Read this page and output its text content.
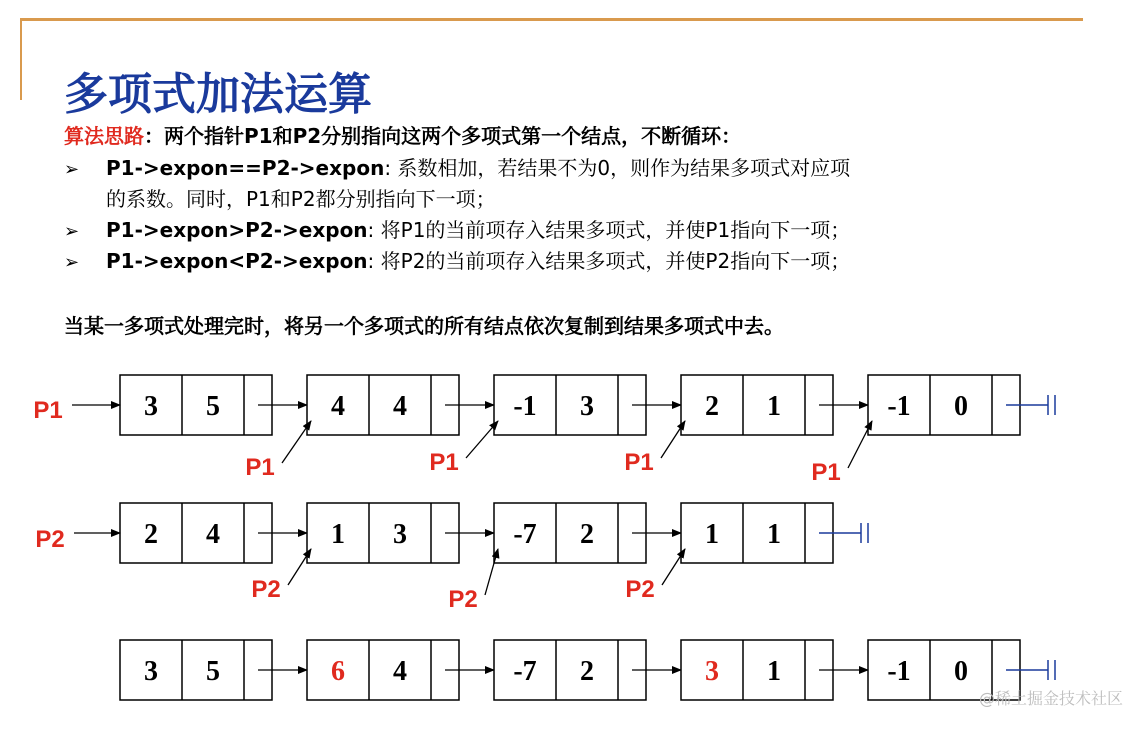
多项式加法运算
算法思路：两个指针P1和P2分别指向这两个多项式第一个结点，不断循环：
➢ P1->expon==P2->expon: 系数相加，若结果不为0，则作为结果多项式对应项
的系数。同时，P1和P2都分别指向下一项；
➢ P1->expon>P2->expon: 将P1的当前项存入结果多项式，并使P1指向下一项；
➢ P1->expon<P2->expon: 将P2的当前项存入结果多项式，并使P2指向下一项；
当某一多项式处理完时，将另一个多项式的所有结点依次复制到结果多项式中去。
3 5	4 4
P1
-1 3
P1
2 1
P1
-1 0
P1
P1
2 4	1 3
P2
-7 2
P2
1 1
P2
P2
3 5	6 4	-7 2	3 1	-1 0
@稀土掘金技术社区
